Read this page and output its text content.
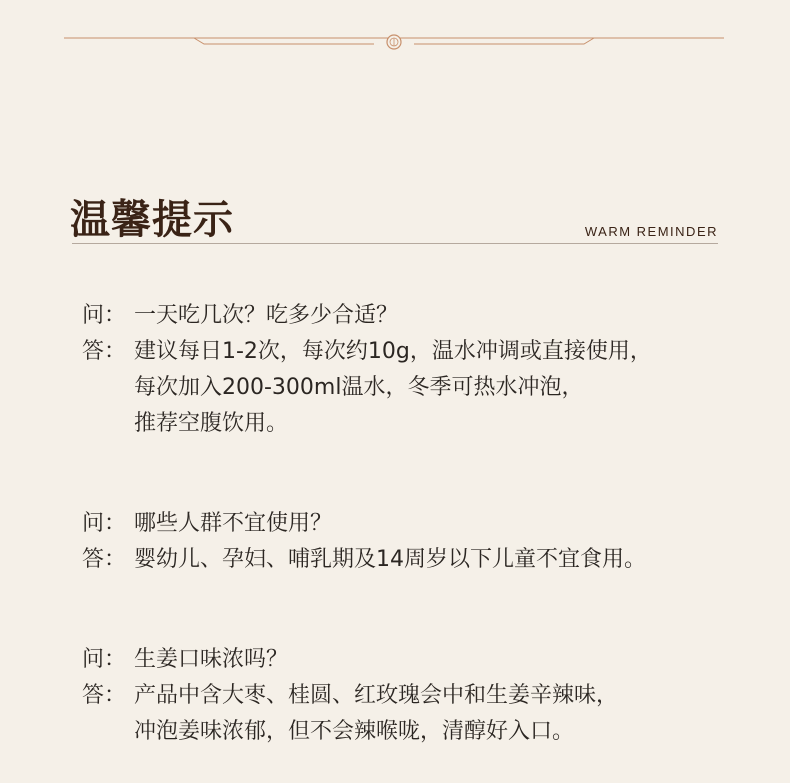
温馨提示	WARM REMINDER
问： 一天吃几次？吃多少合适？
答： 建议每日1-2次，每次约10g，温水冲调或直接使用，
每次加入200-300ml温水，冬季可热水冲泡，
推荐空腹饮用。
问： 哪些人群不宜使用？
答： 婴幼儿、孕妇、哺乳期及14周岁以下儿童不宜食用。
问： 生姜口味浓吗？
答： 产品中含大枣、桂圆、红玫瑰会中和生姜辛辣味，
冲泡姜味浓郁，但不会辣喉咙，清醇好入口。
